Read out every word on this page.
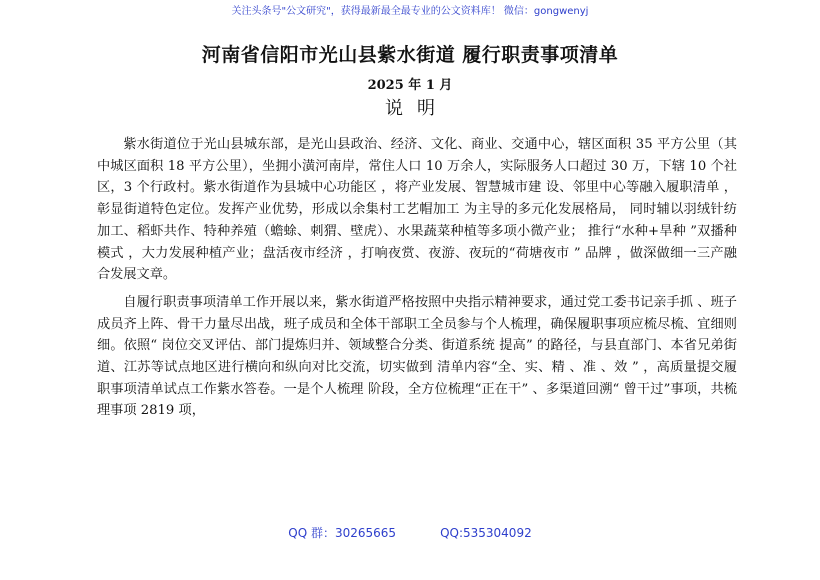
关注头条号"公文研究"，获得最新最全最专业的公文资料库！ 微信：gongwenyj
河南省信阳市光山县紫水街道 履行职责事项清单
2025 年 1 月
说明

紫水街道位于光山县城东部，是光山县政治、经济、文化、商业、交通中心，辖区面积 35 平方公里（其中城区面积 18 平方公里），坐拥小潢河南岸，常住人口 10 万余人，实际服务人口超过 30 万，下辖 10 个社区，3 个行政村。紫水街道作为县城中心功能区 ，将产业发展、智慧城市建 设、邻里中心等融入履职清单 ，彰显街道特色定位。发挥产业优势，形成以余集村工艺帽加工 为主导的多元化发展格局， 同时辅以羽绒针纺加工、稻虾共作、特种养殖（蟾蜍、刺猬、壁虎）、水果蔬菜种植等多项小微产业； 推行“水种+旱种 ”双播种模式 ，大力发展种植产业；盘活夜市经济 ，打响夜赏、夜游、夜玩的“荷塘夜市 ” 品牌 ，做深做细一三产融合发展文章。

自履行职责事项清单工作开展以来，紫水街道严格按照中央指示精神要求，通过党工委书记亲手抓 、班子成员齐上阵、骨干力量尽出战，班子成员和全体干部职工全员参与个人梳理，确保履职事项应梳尽梳、宜细则细。依照“ 岗位交叉评估、部门提炼归并、领域整合分类、街道系统 提高” 的路径，与县直部门、本省兄弟街道、江苏等试点地区进行横向和纵向对比交流，切实做到 清单内容“全、实、精 、准 、效 ” ，高质量提交履职事项清单试点工作紫水答卷。一是个人梳理 阶段，全方位梳理“正在干” 、多渠道回溯“ 曾干过”事项，共梳理事项 2819 项，

QQ 群：30265665	QQ:535304092
